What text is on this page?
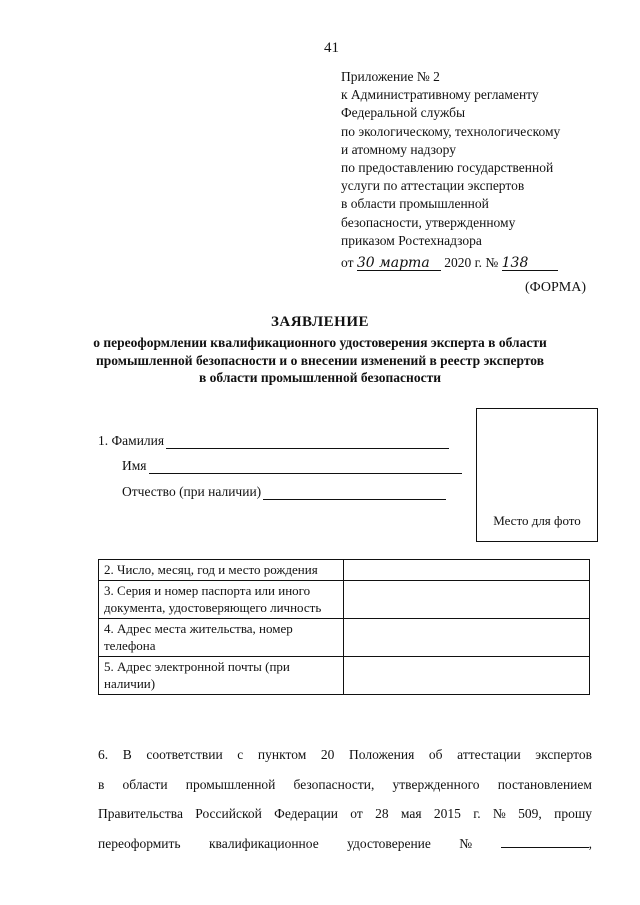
41
Приложение № 2
к Административному регламенту
Федеральной службы
по экологическому, технологическому
и атомному надзору
по предоставлению государственной
услуги по аттестации экспертов
в области промышленной
безопасности, утвержденному
приказом Ростехнадзора
от 30 марта 2020 г. № 138
(ФОРМА)
ЗАЯВЛЕНИЕ
о переоформлении квалификационного удостоверения эксперта в области
промышленной безопасности и о внесении изменений в реестр экспертов
в области промышленной безопасности
Место для фото
1. Фамилия
Имя
Отчество (при наличии)
2. Число, месяц, год и место рождения	
3. Серия и номер паспорта или иного документа, удостоверяющего личность	
4. Адрес места жительства, номер телефона	
5. Адрес электронной почты (при наличии)	
6. В соответствии с пунктом 20 Положения об аттестации экспертов
в области промышленной безопасности, утвержденного постановлением
Правительства Российской Федерации от 28 мая 2015 г. № 509, прошу
переоформить квалификационное удостоверение №	,
